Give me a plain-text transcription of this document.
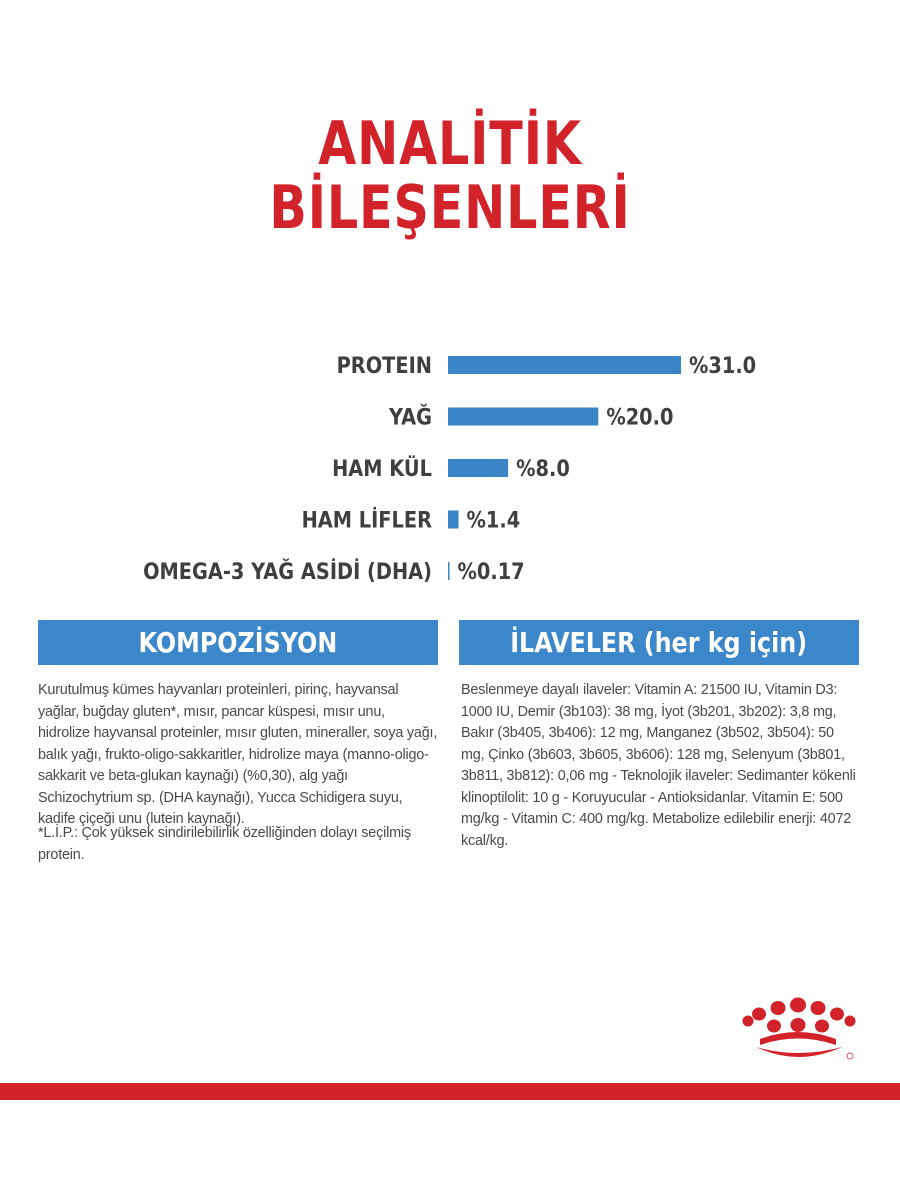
ANALİTİK
BİLEŞENLERİ
PROTEIN	%31.0
YAĞ	%20.0
HAM KÜL	%8.0
HAM LİFLER %1.4
OMEGA-3 YAĞ ASİDİ (DHA) %0.17
KOMPOZİSYON	İLAVELER (her kg için)
Kurutulmuş kümes hayvanları proteinleri, pirinç, hayvansal yağlar, buğday gluten*, mısır, pancar küspesi, mısır unu, hidrolize hayvansal proteinler, mısır gluten, mineraller, soya yağı, balık yağı, frukto-oligo-sakkaritler, hidrolize maya (manno-oligo-sakkarit ve beta-glukan kaynağı) (%0,30), alg yağı Schizochytrium sp. (DHA kaynağı), Yucca Schidigera suyu, kadife çiçeği unu (lutein kaynağı).
*L.İ.P.: Çok yüksek sindirilebilirlik özelliğinden dolayı seçilmiş protein.
Beslenmeye dayalı ilaveler: Vitamin A: 21500 IU, Vitamin D3: 1000 IU, Demir (3b103): 38 mg, İyot (3b201, 3b202): 3,8 mg, Bakır (3b405, 3b406): 12 mg, Manganez (3b502, 3b504): 50 mg, Çinko (3b603, 3b605, 3b606): 128 mg, Selenyum (3b801, 3b811, 3b812): 0,06 mg - Teknolojik ilaveler: Sedimanter kökenli klinoptilolit: 10 g - Koruyucular - Antioksidanlar. Vitamin E: 500 mg/kg - Vitamin C: 400 mg/kg. Metabolize edilebilir enerji: 4072 kcal/kg.
